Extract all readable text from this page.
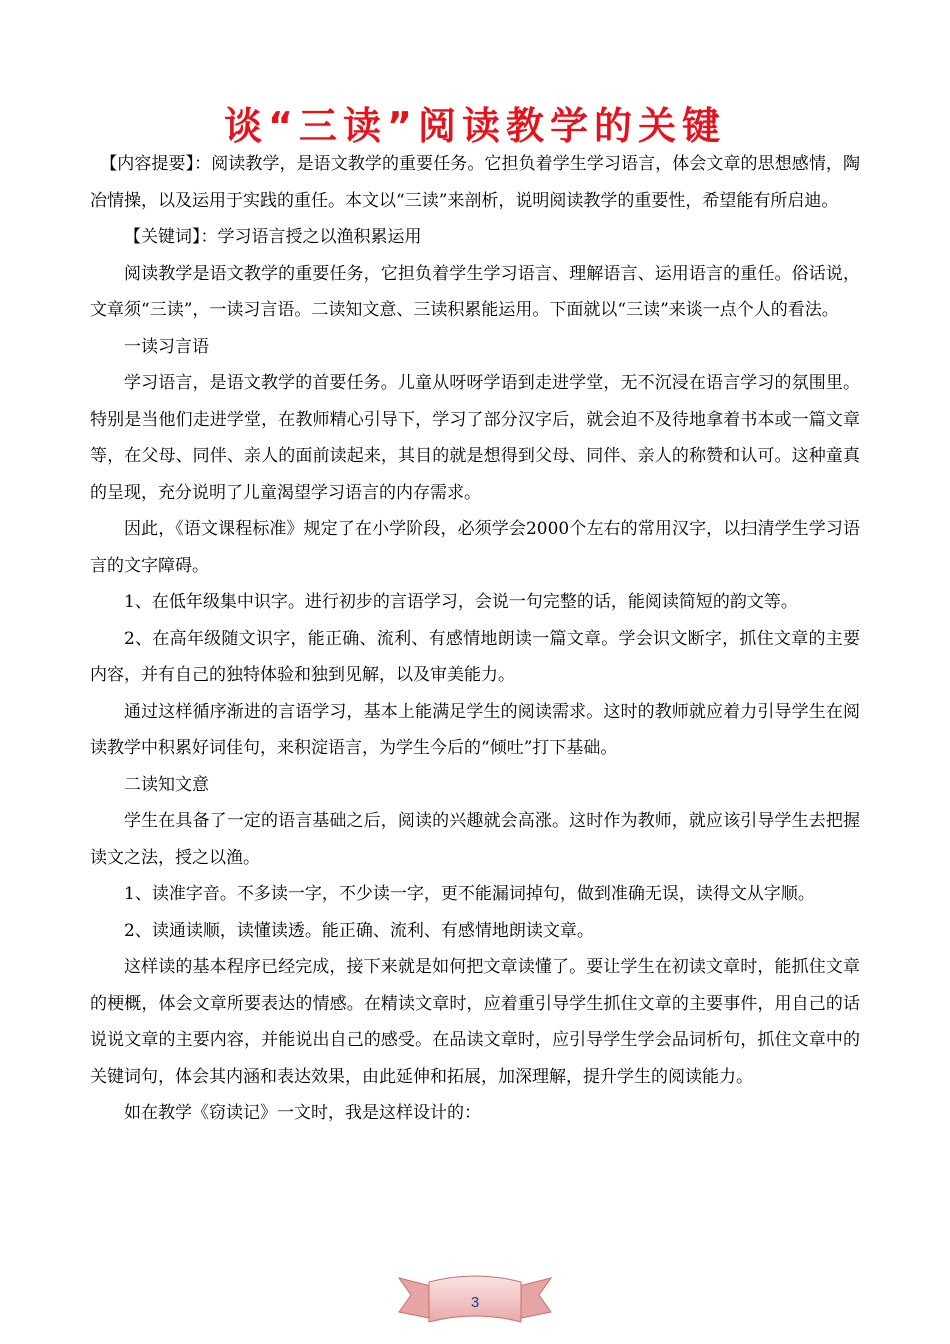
谈“三读”阅读教学的关键

【内容提要】：阅读教学，是语文教学的重要任务。它担负着学生学习语言，体会文章的思想感情，陶冶情操，以及运用于实践的重任。本文以“三读”来剖析，说明阅读教学的重要性，希望能有所启迪。

【关键词】：学习语言授之以渔积累运用

阅读教学是语文教学的重要任务，它担负着学生学习语言、理解语言、运用语言的重任。俗话说，文章须“三读”，一读习言语。二读知文意、三读积累能运用。下面就以“三读”来谈一点个人的看法。

一读习言语

学习语言，是语文教学的首要任务。儿童从呀呀学语到走进学堂，无不沉浸在语言学习的氛围里。特别是当他们走进学堂，在教师精心引导下，学习了部分汉字后，就会迫不及待地拿着书本或一篇文章等，在父母、同伴、亲人的面前读起来，其目的就是想得到父母、同伴、亲人的称赞和认可。这种童真的呈现，充分说明了儿童渴望学习语言的内存需求。

因此，《语文课程标准》规定了在小学阶段，必须学会2000个左右的常用汉字，以扫清学生学习语言的文字障碍。

1、在低年级集中识字。进行初步的言语学习，会说一句完整的话，能阅读简短的韵文等。

2、在高年级随文识字，能正确、流利、有感情地朗读一篇文章。学会识文断字，抓住文章的主要内容，并有自己的独特体验和独到见解，以及审美能力。

通过这样循序渐进的言语学习，基本上能满足学生的阅读需求。这时的教师就应着力引导学生在阅读教学中积累好词佳句，来积淀语言，为学生今后的“倾吐”打下基础。

二读知文意

学生在具备了一定的语言基础之后，阅读的兴趣就会高涨。这时作为教师，就应该引导学生去把握读文之法，授之以渔。

1、读准字音。不多读一字，不少读一字，更不能漏词掉句，做到准确无误，读得文从字顺。

2、读通读顺，读懂读透。能正确、流利、有感情地朗读文章。

这样读的基本程序已经完成，接下来就是如何把文章读懂了。要让学生在初读文章时，能抓住文章的梗概，体会文章所要表达的情感。在精读文章时，应着重引导学生抓住文章的主要事件，用自己的话说说文章的主要内容，并能说出自己的感受。在品读文章时，应引导学生学会品词析句，抓住文章中的关键词句，体会其内涵和表达效果，由此延伸和拓展，加深理解，提升学生的阅读能力。

如在教学《窃读记》一文时，我是这样设计的：

3
